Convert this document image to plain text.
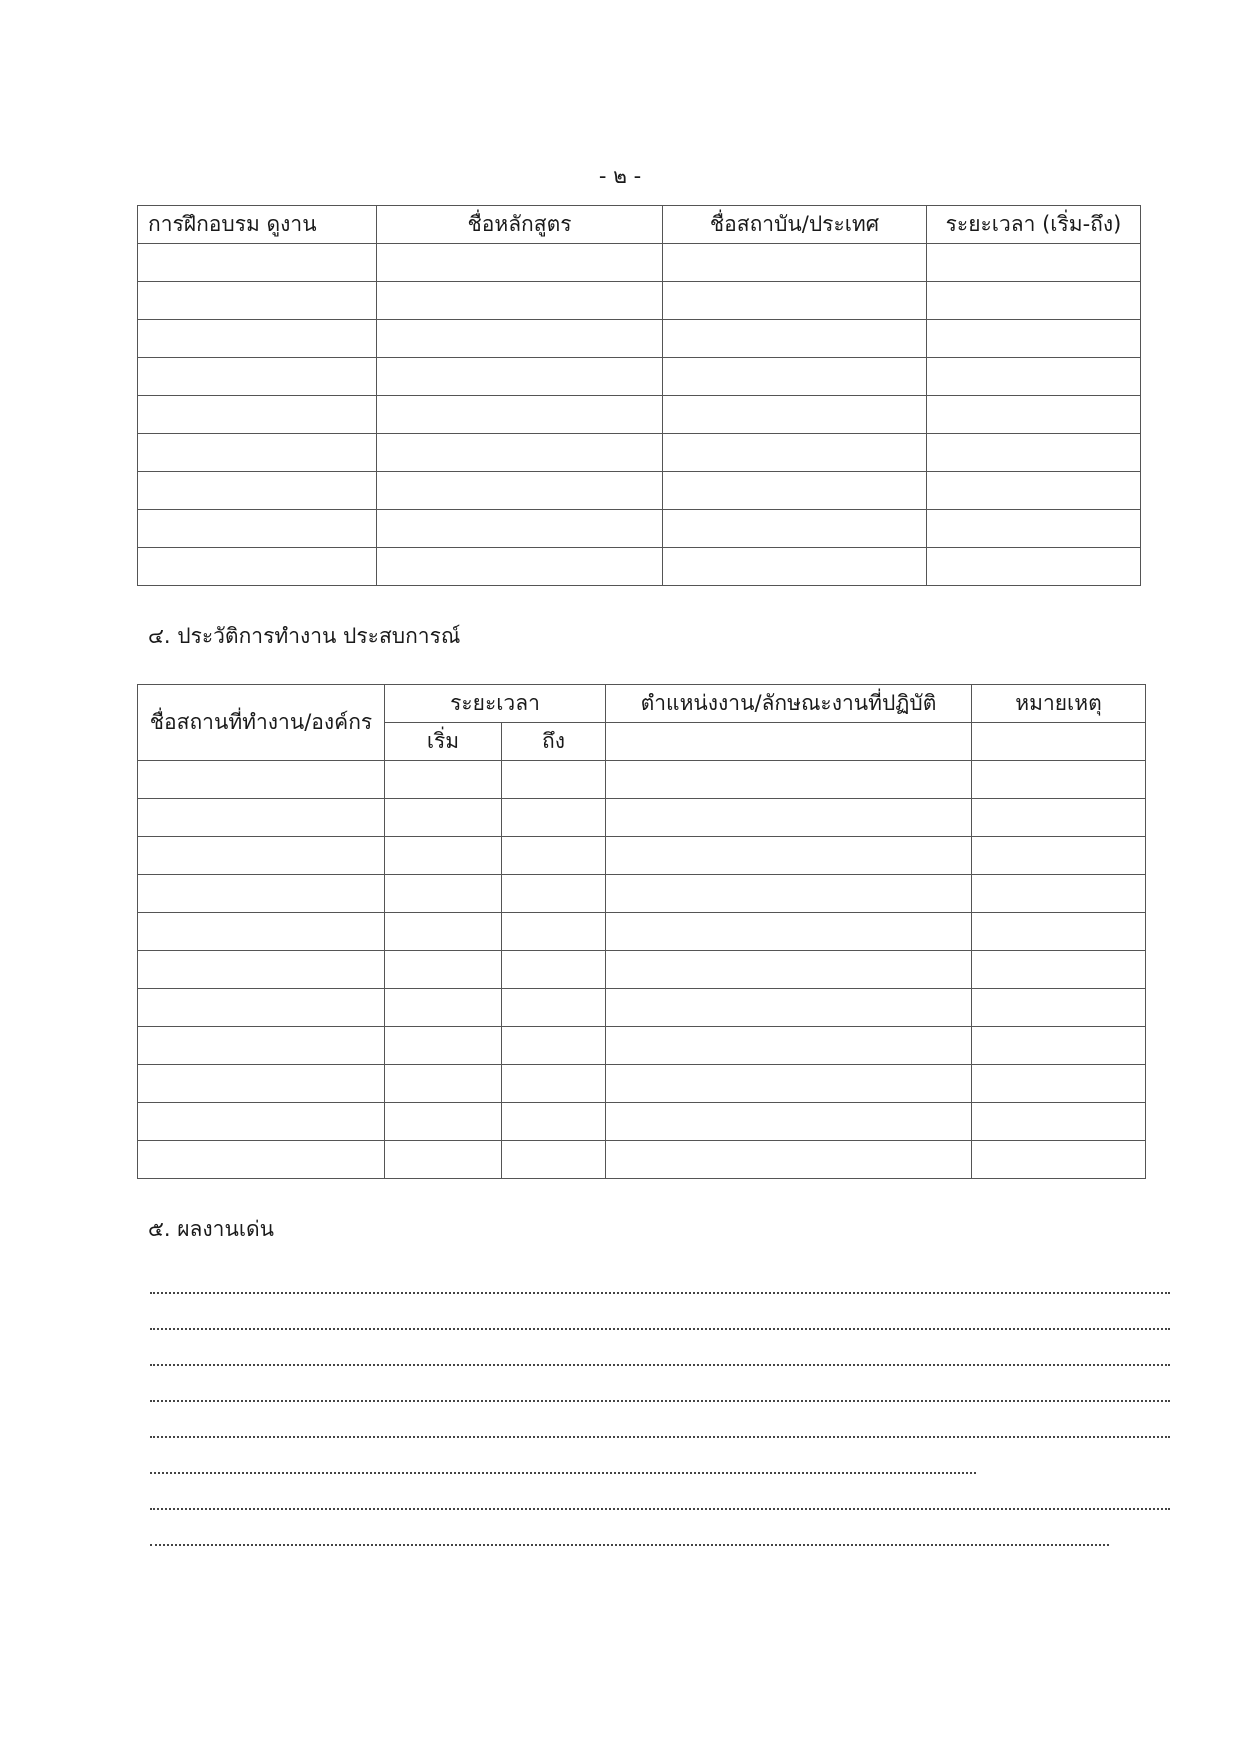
- ๒ -
การฝึกอบรม ดูงาน	ชื่อหลักสูตร	ชื่อสถาบัน/ประเทศ	ระยะเวลา (เริ่ม-ถึง)

๔. ประวัติการทำงาน ประสบการณ์
ชื่อสถานที่ทำงาน/องค์กร	ระยะเวลา		ตำแหน่งงาน/ลักษณะงานที่ปฏิบัติ	หมายเหตุ
	เริ่ม	ถึง		

๕. ผลงานเด่น
